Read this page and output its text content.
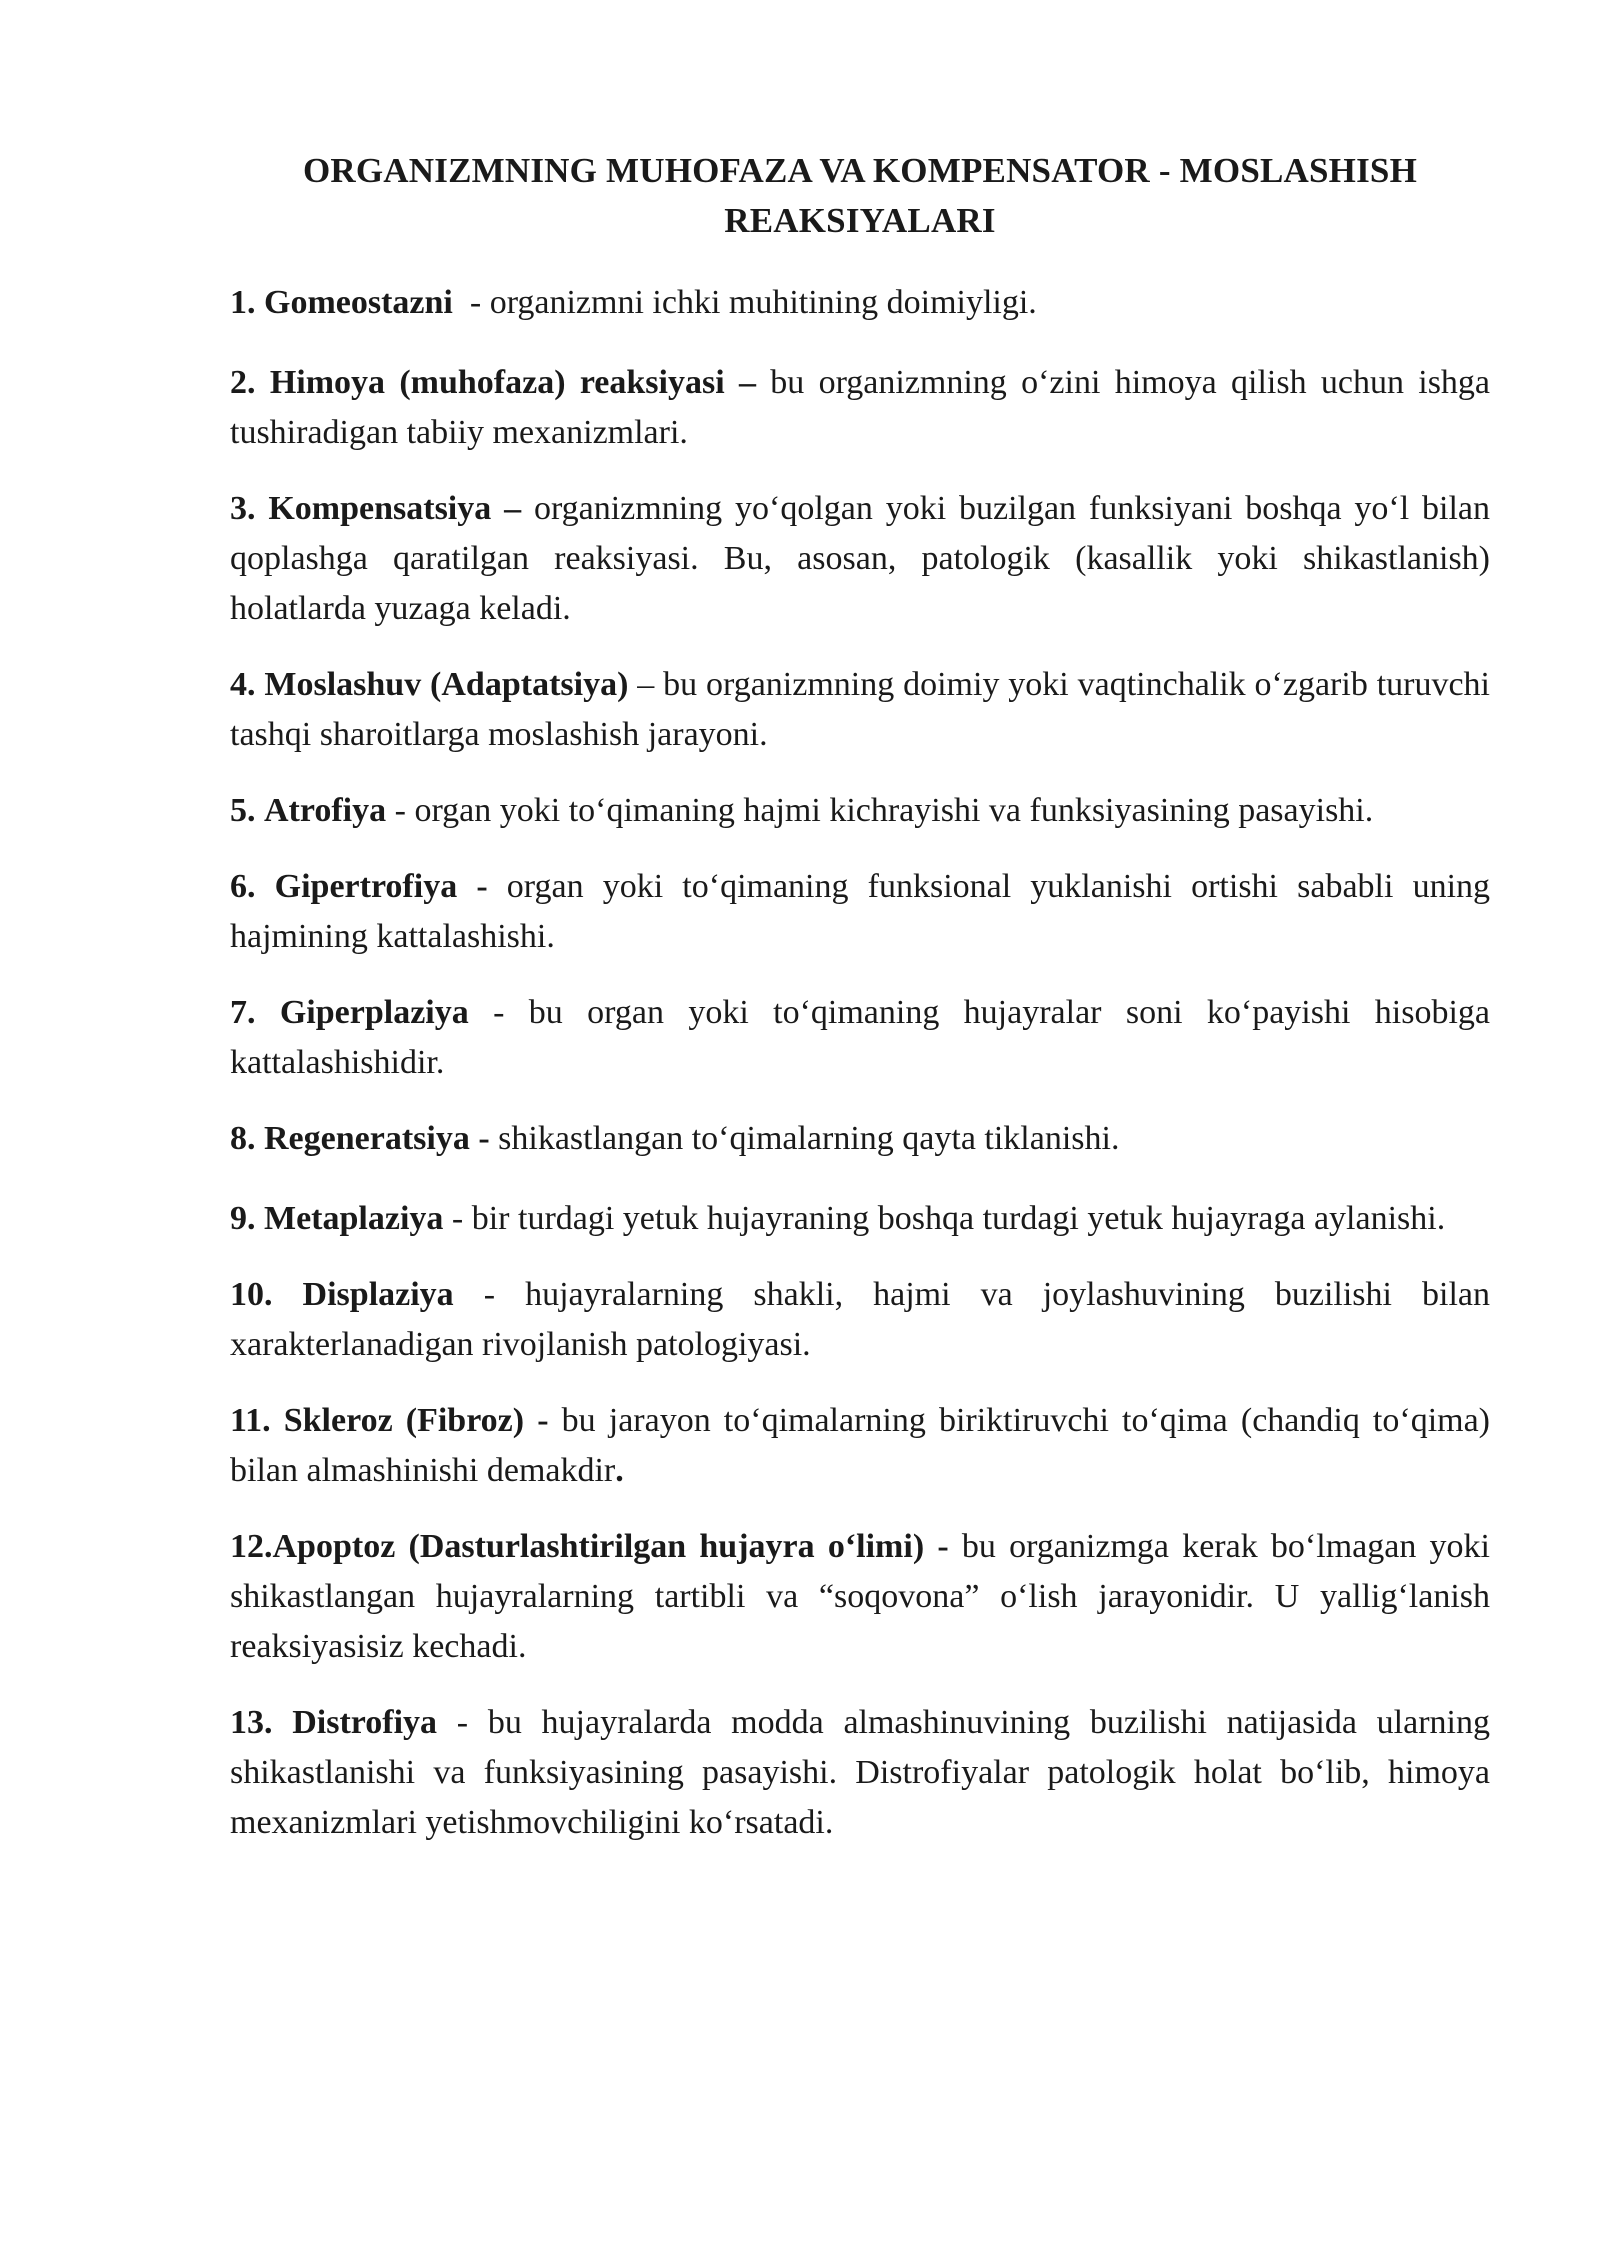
ORGANIZMNING MUHOFAZA VA KOMPENSATOR - MOSLASHISH
REAKSIYALARI
1. Gomeostazni  - organizmni ichki muhitining doimiyligi.
2. Himoya (muhofaza) reaksiyasi – bu organizmning o‘zini himoya qilish uchun ishga tushiradigan tabiiy mexanizmlari.
3. Kompensatsiya – organizmning yo‘qolgan yoki buzilgan funksiyani boshqa yo‘l bilan qoplashga qaratilgan reaksiyasi. Bu, asosan, patologik (kasallik yoki shikastlanish) holatlarda yuzaga keladi.
4. Moslashuv (Adaptatsiya) – bu organizmning doimiy yoki vaqtinchalik o‘zgarib turuvchi tashqi sharoitlarga moslashish jarayoni.
5. Atrofiya - organ yoki to‘qimaning hajmi kichrayishi va funksiyasining pasayishi.
6. Gipertrofiya - organ yoki to‘qimaning funksional yuklanishi ortishi sababli uning hajmining kattalashishi.
7. Giperplaziya - bu organ yoki to‘qimaning hujayralar soni ko‘payishi hisobiga kattalashishidir.
8. Regeneratsiya - shikastlangan to‘qimalarning qayta tiklanishi.
9. Metaplaziya - bir turdagi yetuk hujayraning boshqa turdagi yetuk hujayraga aylanishi.
10. Displaziya - hujayralarning shakli, hajmi va joylashuvining buzilishi bilan xarakterlanadigan rivojlanish patologiyasi.
11. Skleroz (Fibroz) - bu jarayon to‘qimalarning biriktiruvchi to‘qima (chandiq to‘qima) bilan almashinishi demakdir.
12.Apoptoz (Dasturlashtirilgan hujayra o‘limi) - bu organizmga kerak bo‘lmagan yoki shikastlangan hujayralarning tartibli va “soqovona” o‘lish jarayonidir. U yallig‘lanish reaksiyasisiz kechadi.
13. Distrofiya - bu hujayralarda modda almashinuvining buzilishi natijasida ularning shikastlanishi va funksiyasining pasayishi. Distrofiyalar patologik holat bo‘lib, himoya mexanizmlari yetishmovchiligini ko‘rsatadi.
